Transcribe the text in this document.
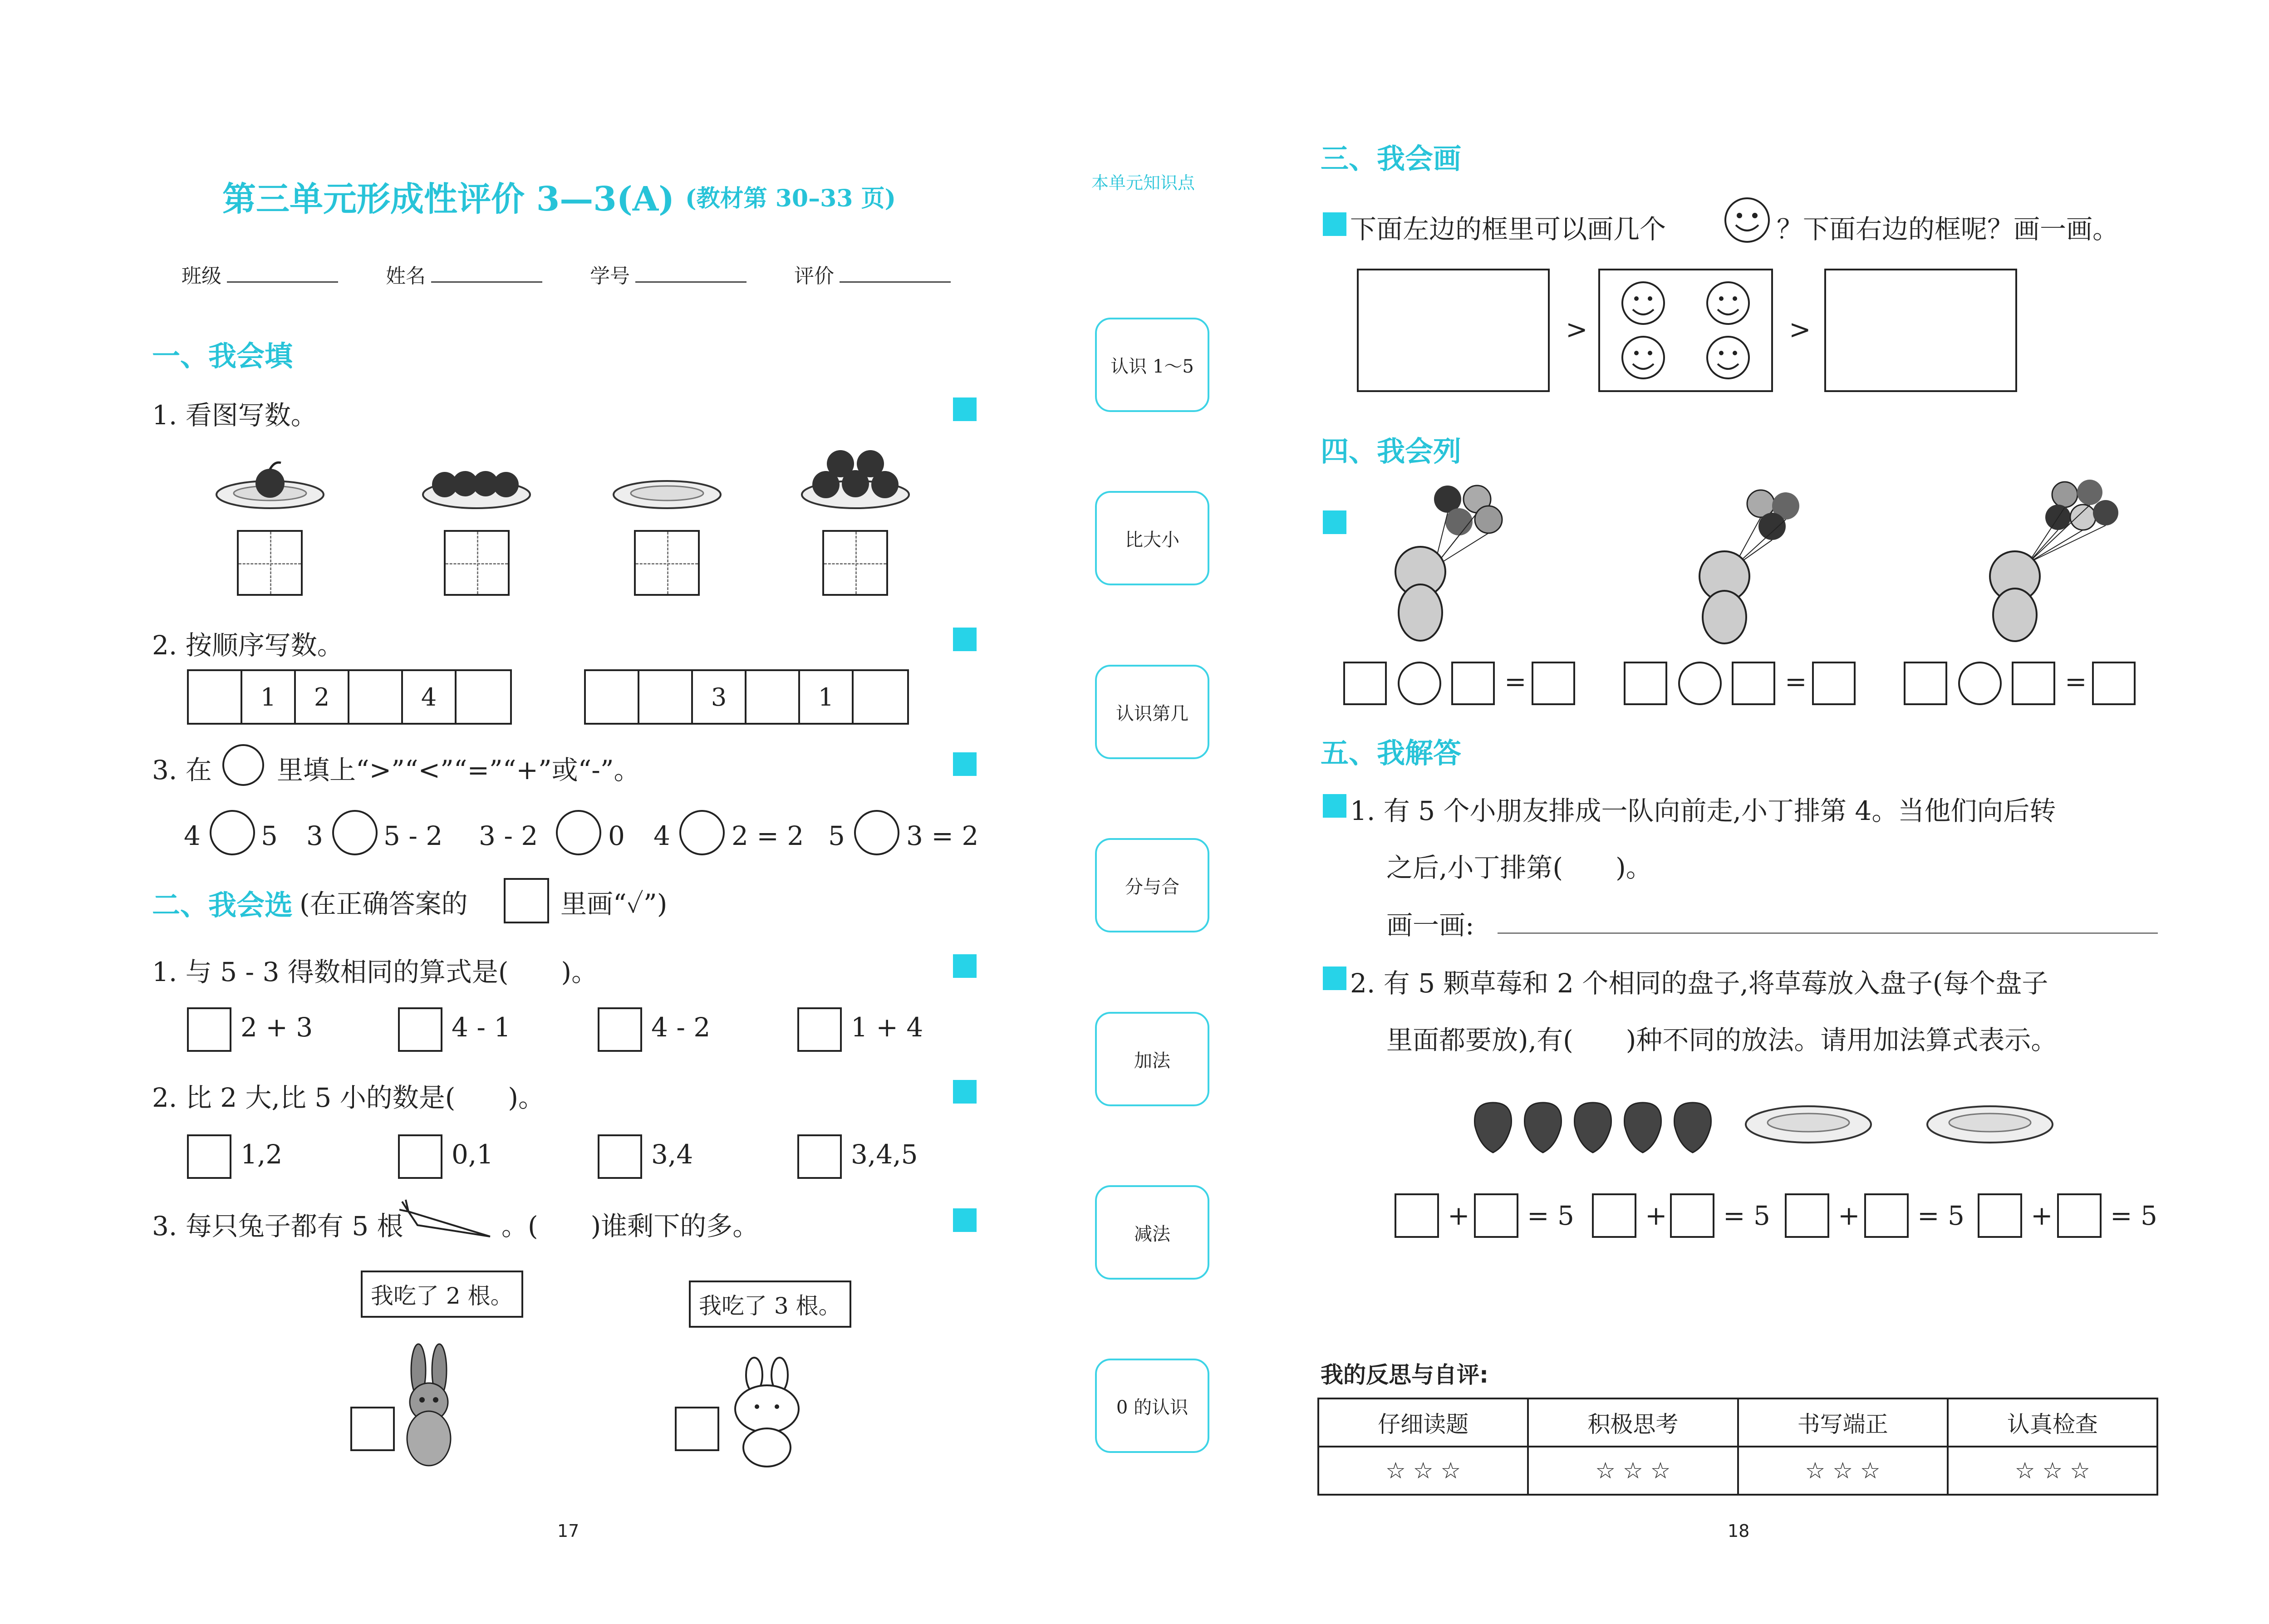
第三单元形成性评价 3—3(A) (教材第 30–33 页)
班级	姓名	学号	评价
一、我会填
1. 看图写数。
2. 按顺序写数。
1	2	4	3	1
3. 在 里填上“>”“<”“=”“+”或“-”。
4 5 3 5 - 2 3 - 2	0 4 2 = 2 5 3 = 2
二、我会选 (在正确答案的	里画“✓”)
1. 与 5 - 3 得数相同的算式是(　　)。
2 + 3	4 - 1	4 - 2	1 + 4
2. 比 2 大,比 5 小的数是(　　)。
1,2	0,1	3,4	3,4,5
3. 每只兔子都有 5 根	。(　　)谁剩下的多。
我吃了 2 根。	我吃了 3 根。
17
本单元知识点
认识 1～5
比大小
认识第几
分与合
加法
减法
0 的认识
三、我会画
下面左边的框里可以画几个	？下面右边的框呢？画一画。
>	>
四、我会列
=	=	=
五、我解答
1. 有 5 个小朋友排成一队向前走,小丁排第 4。当他们向后转
之后,小丁排第(　　)。
画一画:
2. 有 5 颗草莓和 2 个相同的盘子,将草莓放入盘子(每个盘子
里面都要放),有(　　)种不同的放法。请用加法算式表示。
+ = 5	+ = 5	+ = 5	+ = 5
我的反思与自评:
仔细读题	积极思考	书写端正	认真检查
☆ ☆ ☆	☆ ☆ ☆	☆ ☆ ☆	☆ ☆ ☆
18
